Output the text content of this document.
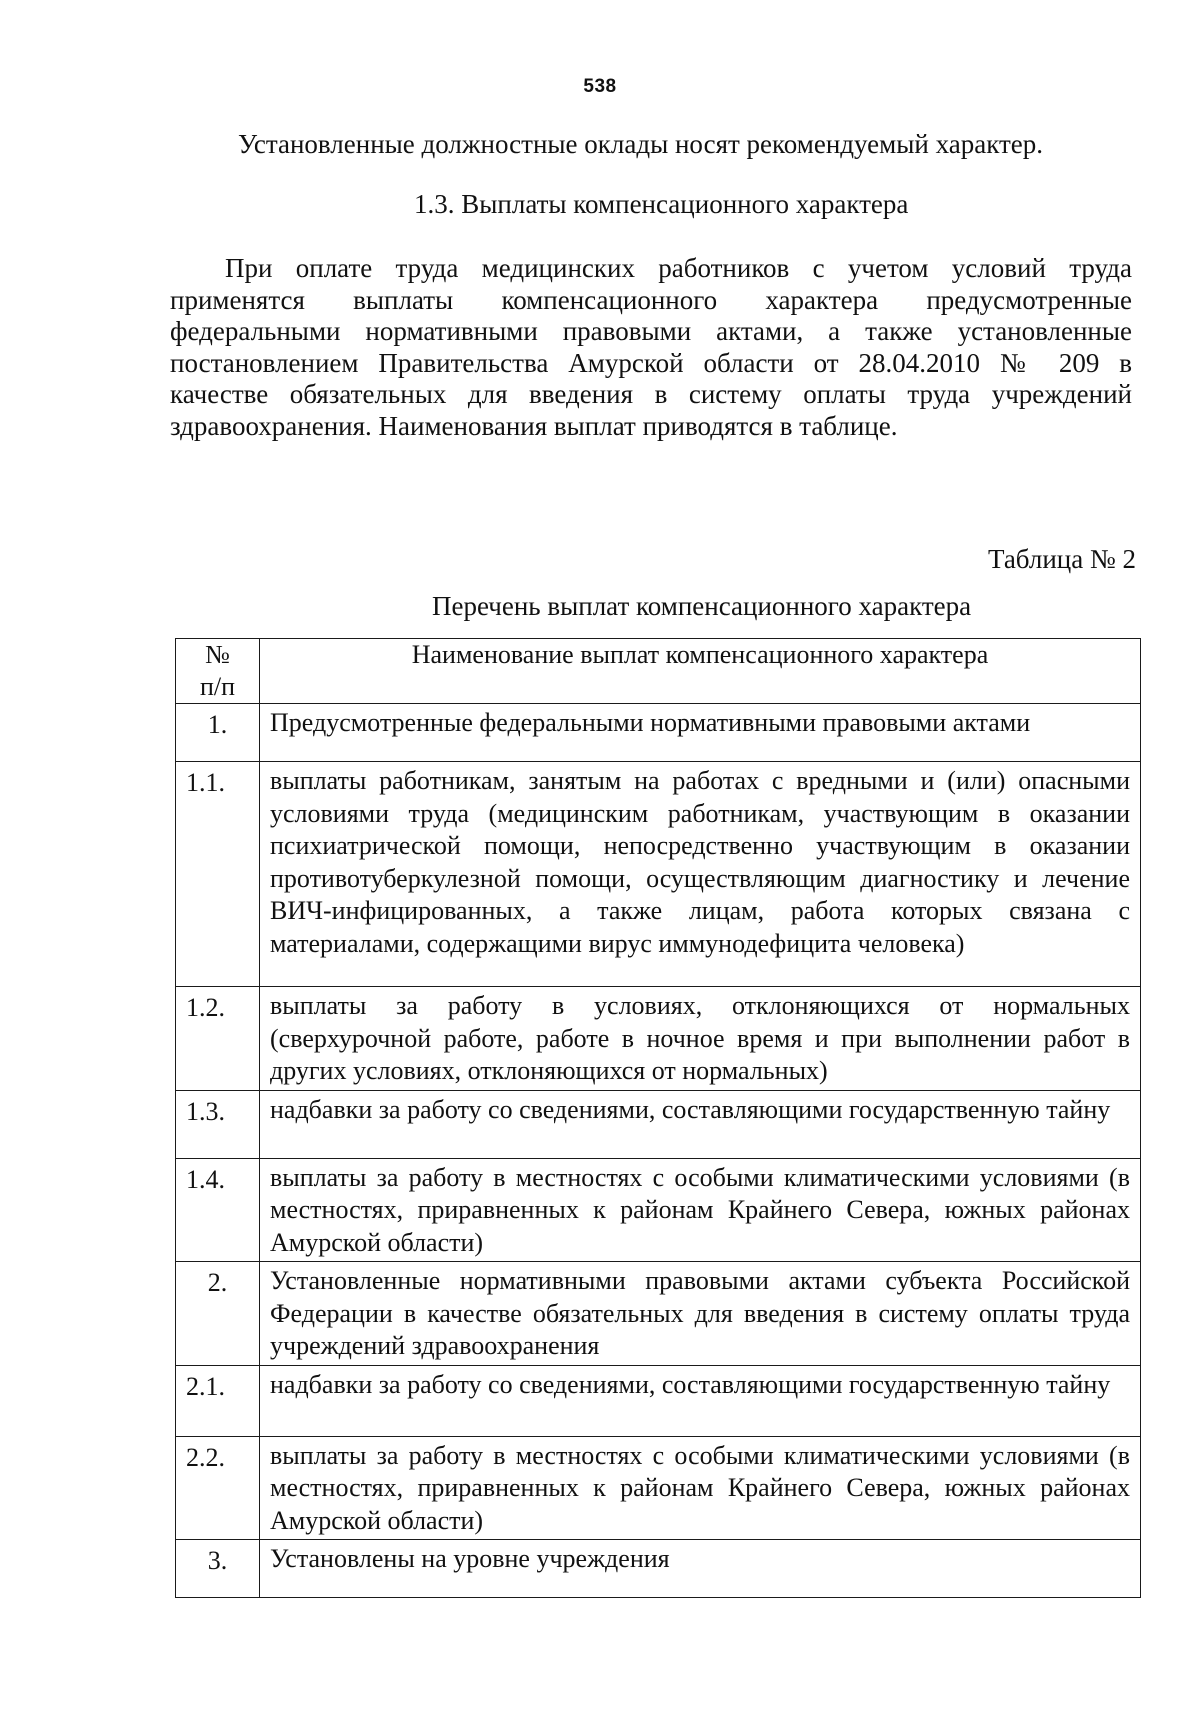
538
Установленные должностные оклады носят рекомендуемый характер.
1.3. Выплаты компенсационного характера
При оплате труда медицинских работников с учетом условий труда
применятся выплаты компенсационного характера предусмотренные
федеральными нормативными правовыми актами, а также установленные
постановлением Правительства Амурской области от 28.04.2010 № 209 в
качестве обязательных для введения в систему оплаты труда учреждений
здравоохранения. Наименования выплат приводятся в таблице.
Таблица № 2
Перечень выплат компенсационного характера
№
п/п	Наименование выплат компенсационного характера

1.	Предусмотренные федеральными нормативными правовыми актами

1.1.	выплаты работникам, занятым на работах с вредными и (или) опасными условиями труда (медицинским работникам, участвующим в оказании психиатрической помощи, непосредственно участвующим в оказании противотуберкулезной помощи, осуществляющим диагностику и лечение ВИЧ-инфицированных, а также лицам, работа которых связана с материалами, содержащими вирус иммунодефицита человека)

1.2.	выплаты за работу в условиях, отклоняющихся от нормальных (сверхурочной работе, работе в ночное время и при выполнении работ в других условиях, отклоняющихся от нормальных)

1.3.	надбавки за работу со сведениями, составляющими государственную тайну

1.4.	выплаты за работу в местностях с особыми климатическими условиями (в местностях, приравненных к районам Крайнего Севера, южных районах Амурской области)

2.	Установленные нормативными правовыми актами субъекта Российской Федерации в качестве обязательных для введения в систему оплаты труда учреждений здравоохранения

2.1.	надбавки за работу со сведениями, составляющими государственную тайну

2.2.	выплаты за работу в местностях с особыми климатическими условиями (в местностях, приравненных к районам Крайнего Севера, южных районах Амурской области)

3.	Установлены на уровне учреждения
